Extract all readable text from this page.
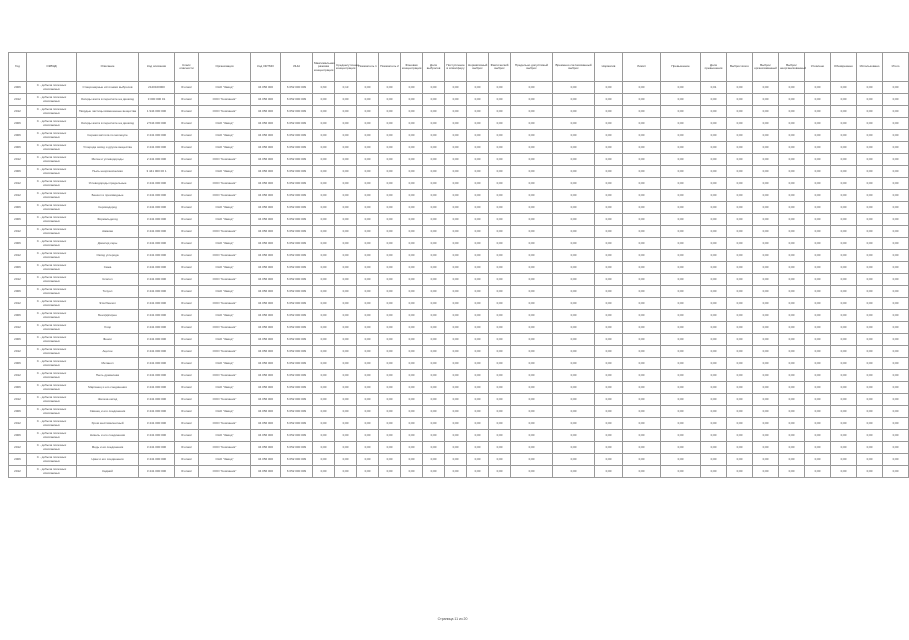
Год	ОКВЭД	Описание	Код описания	Класс опасности	Организация	Код ОКТМО	ИНН	Максимальная разовая концентрация	Среднесуточная концентрация	Показатель 1	Показатель 2	Фоновая концентрация	Доля выбросов	Поступление в атмосферу	Нормативный выброс	Фактический выброс	Предельно допустимый выброс	Временно согласованный выброс	Норматив	Лимит	Превышение	Доля превышения	Выброс всего	Выброс организованный	Выброс неорганизованный	Уловлено	Обезврежено	Использовано	Итого
2006	С - добыча полезных ископаемых	Стационарные источники выбросов	2120100000	III класс	ОАО "Завод"	34 056 000	6 052 000 009	0,60	0,13	0,00	0,00	0,00	0,00	0,00	0,00	0,00	0,00	0,00	0,00	0,00	0,00	0,01	0,00	0,00	0,00	0,00	0,00	0,00	0,00
2012	С - добыча полезных ископаемых	Оксиды азота в пересчёте на диоксид	3 000 000 01	III класс	ООО "Компания"	34 056 000	6 052 000 009	0,00	0,00	0,00	0,00	0,00	0,00	0,00	0,00	0,00	0,00	0,00	0,00	0,00	0,00	0,00	0,00	0,00	0,00	0,00	0,00	0,00	0,00
2012	С - добыча полезных ископаемых	Твёрдые частицы взвешенные вещества	1 944 000 000	III класс	ООО "Компания"	34 056 000	6 052 000 009	0,00	0,00	0,00	0,00	0,00	0,00	0,00	0,00	0,00	0,00	0,00	0,00	0,00	0,00	0,00	0,00	0,00	0,00	0,00	0,00	0,00	0,00
2006	С - добыча полезных ископаемых	Оксиды азота в пересчёте на диоксид	2 544 000 000	III класс	ОАО "Завод"	34 056 000	6 052 000 009	0,00	0,00	0,00	0,00	0,00	0,00	0,00	0,00	0,00	0,00	0,00	0,00	0,00	0,00	0,00	0,00	0,00	0,00	0,00	0,00	0,00	0,00
2006	С - добыча полезных ископаемых	Серная кислота по молекуле	3 441 000 000	III класс	ОАО "Завод"	34 056 000	6 052 000 009	0,00	0,00	0,00	0,00	0,00	0,00	0,00	0,00	0,00	0,00	0,00	0,00	0,00	0,00	0,00	0,00	0,00	0,00	0,00	0,00	0,00	0,00
2006	С - добыча полезных ископаемых	Углерода оксид и другие вещества	3 441 000 000	III класс	ОАО "Завод"	34 056 000	6 052 000 009	0,00	0,00	0,00	0,00	0,00	0,00	0,00	0,00	0,00	0,00	0,00	0,00	0,00	0,00	0,00	0,00	0,00	0,00	0,00	0,00	0,00	0,00
2012	С - добыча полезных ископаемых	Метан и углеводороды	2 441 000 000	III класс	ООО "Компания"	34 056 000	6 052 000 009	0,00	0,00	0,00	0,00	0,00	0,00	0,00	0,00	0,00	0,00	0,00	0,00	0,00	0,00	0,00	0,00	0,00	0,00	0,00	0,00	0,00	0,00
2006	С - добыча полезных ископаемых	Пыль неорганическая	3 441 000 00 1	III класс	ОАО "Завод"	34 056 000	6 052 000 009	0,00	0,00	0,00	0,00	0,00	0,00	0,00	0,00	0,00	0,00	0,00	0,00	0,00	0,00	0,00	0,00	0,00	0,00	0,00	0,00	0,00	0,00
2012	С - добыча полезных ископаемых	Углеводороды предельные	3 441 000 000	III класс	ООО "Компания"	34 056 000	6 052 000 009	0,00	0,00	0,00	0,00	0,00	0,00	0,00	0,00	0,00	0,00	0,00	0,00	0,00	0,00	0,00	0,00	0,00	0,00	0,00	0,00	0,00	0,00
2012	С - добыча полезных ископаемых	Бензол и производные	3 441 000 000	III класс	ООО "Компания"	34 056 000	6 052 000 009	0,00	0,00	0,00	0,00	0,00	0,00	0,00	0,00	0,00	0,00	0,00	0,00	0,00	0,00	0,00	0,00	0,00	0,00	0,00	0,00	0,00	0,00
2006	С - добыча полезных ископаемых	Сероводород	3 441 000 000	III класс	ОАО "Завод"	34 056 000	6 052 000 009	0,00	0,00	0,00	0,00	0,00	0,00	0,00	0,00	0,00	0,00	0,00	0,00	0,00	0,00	0,00	0,00	0,00	0,00	0,00	0,00	0,00	0,00
2006	С - добыча полезных ископаемых	Формальдегид	3 441 000 000	III класс	ОАО "Завод"	34 056 000	6 052 000 009	0,00	0,00	0,00	0,00	0,00	0,00	0,00	0,00	0,00	0,00	0,00	0,00	0,00	0,00	0,00	0,00	0,00	0,00	0,00	0,00	0,00	0,00
2012	С - добыча полезных ископаемых	Аммиак	3 441 000 000	III класс	ООО "Компания"	34 056 000	6 052 000 009	0,00	0,00	0,00	0,00	0,00	0,00	0,00	0,00	0,00	0,00	0,00	0,00	0,00	0,00	0,00	0,00	0,00	0,00	0,00	0,00	0,00	0,00
2006	С - добыча полезных ископаемых	Диоксид серы	3 441 000 000	III класс	ОАО "Завод"	34 056 000	6 052 000 009	0,00	0,00	0,00	0,00	0,00	0,00	0,00	0,00	0,00	0,00	0,00	0,00	0,00	0,00	0,00	0,00	0,00	0,00	0,00	0,00	0,00	0,00
2012	С - добыча полезных ископаемых	Оксид углерода	3 441 000 000	III класс	ООО "Компания"	34 056 000	6 052 000 009	0,00	0,00	0,00	0,00	0,00	0,00	0,00	0,00	0,00	0,00	0,00	0,00	0,00	0,00	0,00	0,00	0,00	0,00	0,00	0,00	0,00	0,00
2006	С - добыча полезных ископаемых	Сажа	3 441 000 000	III класс	ОАО "Завод"	34 056 000	6 052 000 009	0,00	0,00	0,00	0,00	0,00	0,00	0,00	0,00	0,00	0,00	0,00	0,00	0,00	0,00	0,00	0,00	0,00	0,00	0,00	0,00	0,00	0,00
2012	С - добыча полезных ископаемых	Ксилол	3 441 000 000	III класс	ООО "Компания"	34 056 000	6 052 000 009	0,00	0,00	0,00	0,00	0,00	0,00	0,00	0,00	0,00	0,00	0,00	0,00	0,00	0,00	0,00	0,00	0,00	0,00	0,00	0,00	0,00	0,00
2006	С - добыча полезных ископаемых	Толуол	3 441 000 000	III класс	ОАО "Завод"	34 056 000	6 052 000 009	0,00	0,00	0,00	0,00	0,00	0,00	0,00	0,00	0,00	0,00	0,00	0,00	0,00	0,00	0,00	0,00	0,00	0,00	0,00	0,00	0,00	0,00
2012	С - добыча полезных ископаемых	Этилбензол	3 441 000 000	III класс	ООО "Компания"	34 056 000	6 052 000 009	0,00	0,00	0,00	0,00	0,00	0,00	0,00	0,00	0,00	0,00	0,00	0,00	0,00	0,00	0,00	0,00	0,00	0,00	0,00	0,00	0,00	0,00
2006	С - добыча полезных ископаемых	Бенз(а)пирен	3 441 000 000	III класс	ОАО "Завод"	34 056 000	6 052 000 009	0,00	0,00	0,00	0,00	0,00	0,00	0,00	0,00	0,00	0,00	0,00	0,00	0,00	0,00	0,00	0,00	0,00	0,00	0,00	0,00	0,00	0,00
2012	С - добыча полезных ископаемых	Хлор	3 441 000 000	III класс	ООО "Компания"	34 056 000	6 052 000 009	0,00	0,00	0,00	0,00	0,00	0,00	0,00	0,00	0,00	0,00	0,00	0,00	0,00	0,00	0,00	0,00	0,00	0,00	0,00	0,00	0,00	0,00
2006	С - добыча полезных ископаемых	Фенол	3 441 000 000	III класс	ОАО "Завод"	34 056 000	6 052 000 009	0,00	0,00	0,00	0,00	0,00	0,00	0,00	0,00	0,00	0,00	0,00	0,00	0,00	0,00	0,00	0,00	0,00	0,00	0,00	0,00	0,00	0,00
2012	С - добыча полезных ископаемых	Ацетон	3 441 000 000	III класс	ООО "Компания"	34 056 000	6 052 000 009	0,00	0,00	0,00	0,00	0,00	0,00	0,00	0,00	0,00	0,00	0,00	0,00	0,00	0,00	0,00	0,00	0,00	0,00	0,00	0,00	0,00	0,00
2006	С - добыча полезных ископаемых	Метанол	3 441 000 000	III класс	ОАО "Завод"	34 056 000	6 052 000 009	0,00	0,00	0,00	0,00	0,00	0,00	0,00	0,00	0,00	0,00	0,00	0,00	0,00	0,00	0,00	0,00	0,00	0,00	0,00	0,00	0,00	0,00
2012	С - добыча полезных ископаемых	Пыль древесная	3 441 000 000	III класс	ООО "Компания"	34 056 000	6 052 000 009	0,00	0,00	0,00	0,00	0,00	0,00	0,00	0,00	0,00	0,00	0,00	0,00	0,00	0,00	0,00	0,00	0,00	0,00	0,00	0,00	0,00	0,00
2006	С - добыча полезных ископаемых	Марганец и его соединения	3 441 000 000	III класс	ОАО "Завод"	34 056 000	6 052 000 009	0,00	0,00	0,00	0,00	0,00	0,00	0,00	0,00	0,00	0,00	0,00	0,00	0,00	0,00	0,00	0,00	0,00	0,00	0,00	0,00	0,00	0,00
2012	С - добыча полезных ископаемых	Железа оксид	3 441 000 000	III класс	ООО "Компания"	34 056 000	6 052 000 009	0,00	0,00	0,00	0,00	0,00	0,00	0,00	0,00	0,00	0,00	0,00	0,00	0,00	0,00	0,00	0,00	0,00	0,00	0,00	0,00	0,00	0,00
2006	С - добыча полезных ископаемых	Свинец и его соединения	3 441 000 000	III класс	ОАО "Завод"	34 056 000	6 052 000 009	0,00	0,00	0,00	0,00	0,00	0,00	0,00	0,00	0,00	0,00	0,00	0,00	0,00	0,00	0,00	0,00	0,00	0,00	0,00	0,00	0,00	0,00
2012	С - добыча полезных ископаемых	Хром шестивалентный	3 441 000 000	III класс	ООО "Компания"	34 056 000	6 052 000 009	0,00	0,00	0,00	0,00	0,00	0,00	0,00	0,00	0,00	0,00	0,00	0,00	0,00	0,00	0,00	0,00	0,00	0,00	0,00	0,00	0,00	0,00
2006	С - добыча полезных ископаемых	Никель и его соединения	3 441 000 000	III класс	ОАО "Завод"	34 056 000	6 052 000 009	0,00	0,00	0,00	0,00	0,00	0,00	0,00	0,00	0,00	0,00	0,00	0,00	0,00	0,00	0,00	0,00	0,00	0,00	0,00	0,00	0,00	0,00
2012	С - добыча полезных ископаемых	Медь и её соединения	3 441 000 000	III класс	ООО "Компания"	34 056 000	6 052 000 009	0,00	0,00	0,00	0,00	0,00	0,00	0,00	0,00	0,00	0,00	0,00	0,00	0,00	0,00	0,00	0,00	0,00	0,00	0,00	0,00	0,00	0,00
2006	С - добыча полезных ископаемых	Цинк и его соединения	3 441 000 000	III класс	ОАО "Завод"	34 056 000	6 052 000 009	0,00	0,00	0,00	0,00	0,00	0,00	0,00	0,00	0,00	0,00	0,00	0,00	0,00	0,00	0,00	0,00	0,00	0,00	0,00	0,00	0,00	0,00
2012	С - добыча полезных ископаемых	Кадмий	3 441 000 000	III класс	ООО "Компания"	34 056 000	6 052 000 009	0,00	0,00	0,00	0,00	0,00	0,00	0,00	0,00	0,00	0,00	0,00	0,00	0,00	0,00	0,00	0,00	0,00	0,00	0,00	0,00	0,00	0,00
Страница 11 из 20
